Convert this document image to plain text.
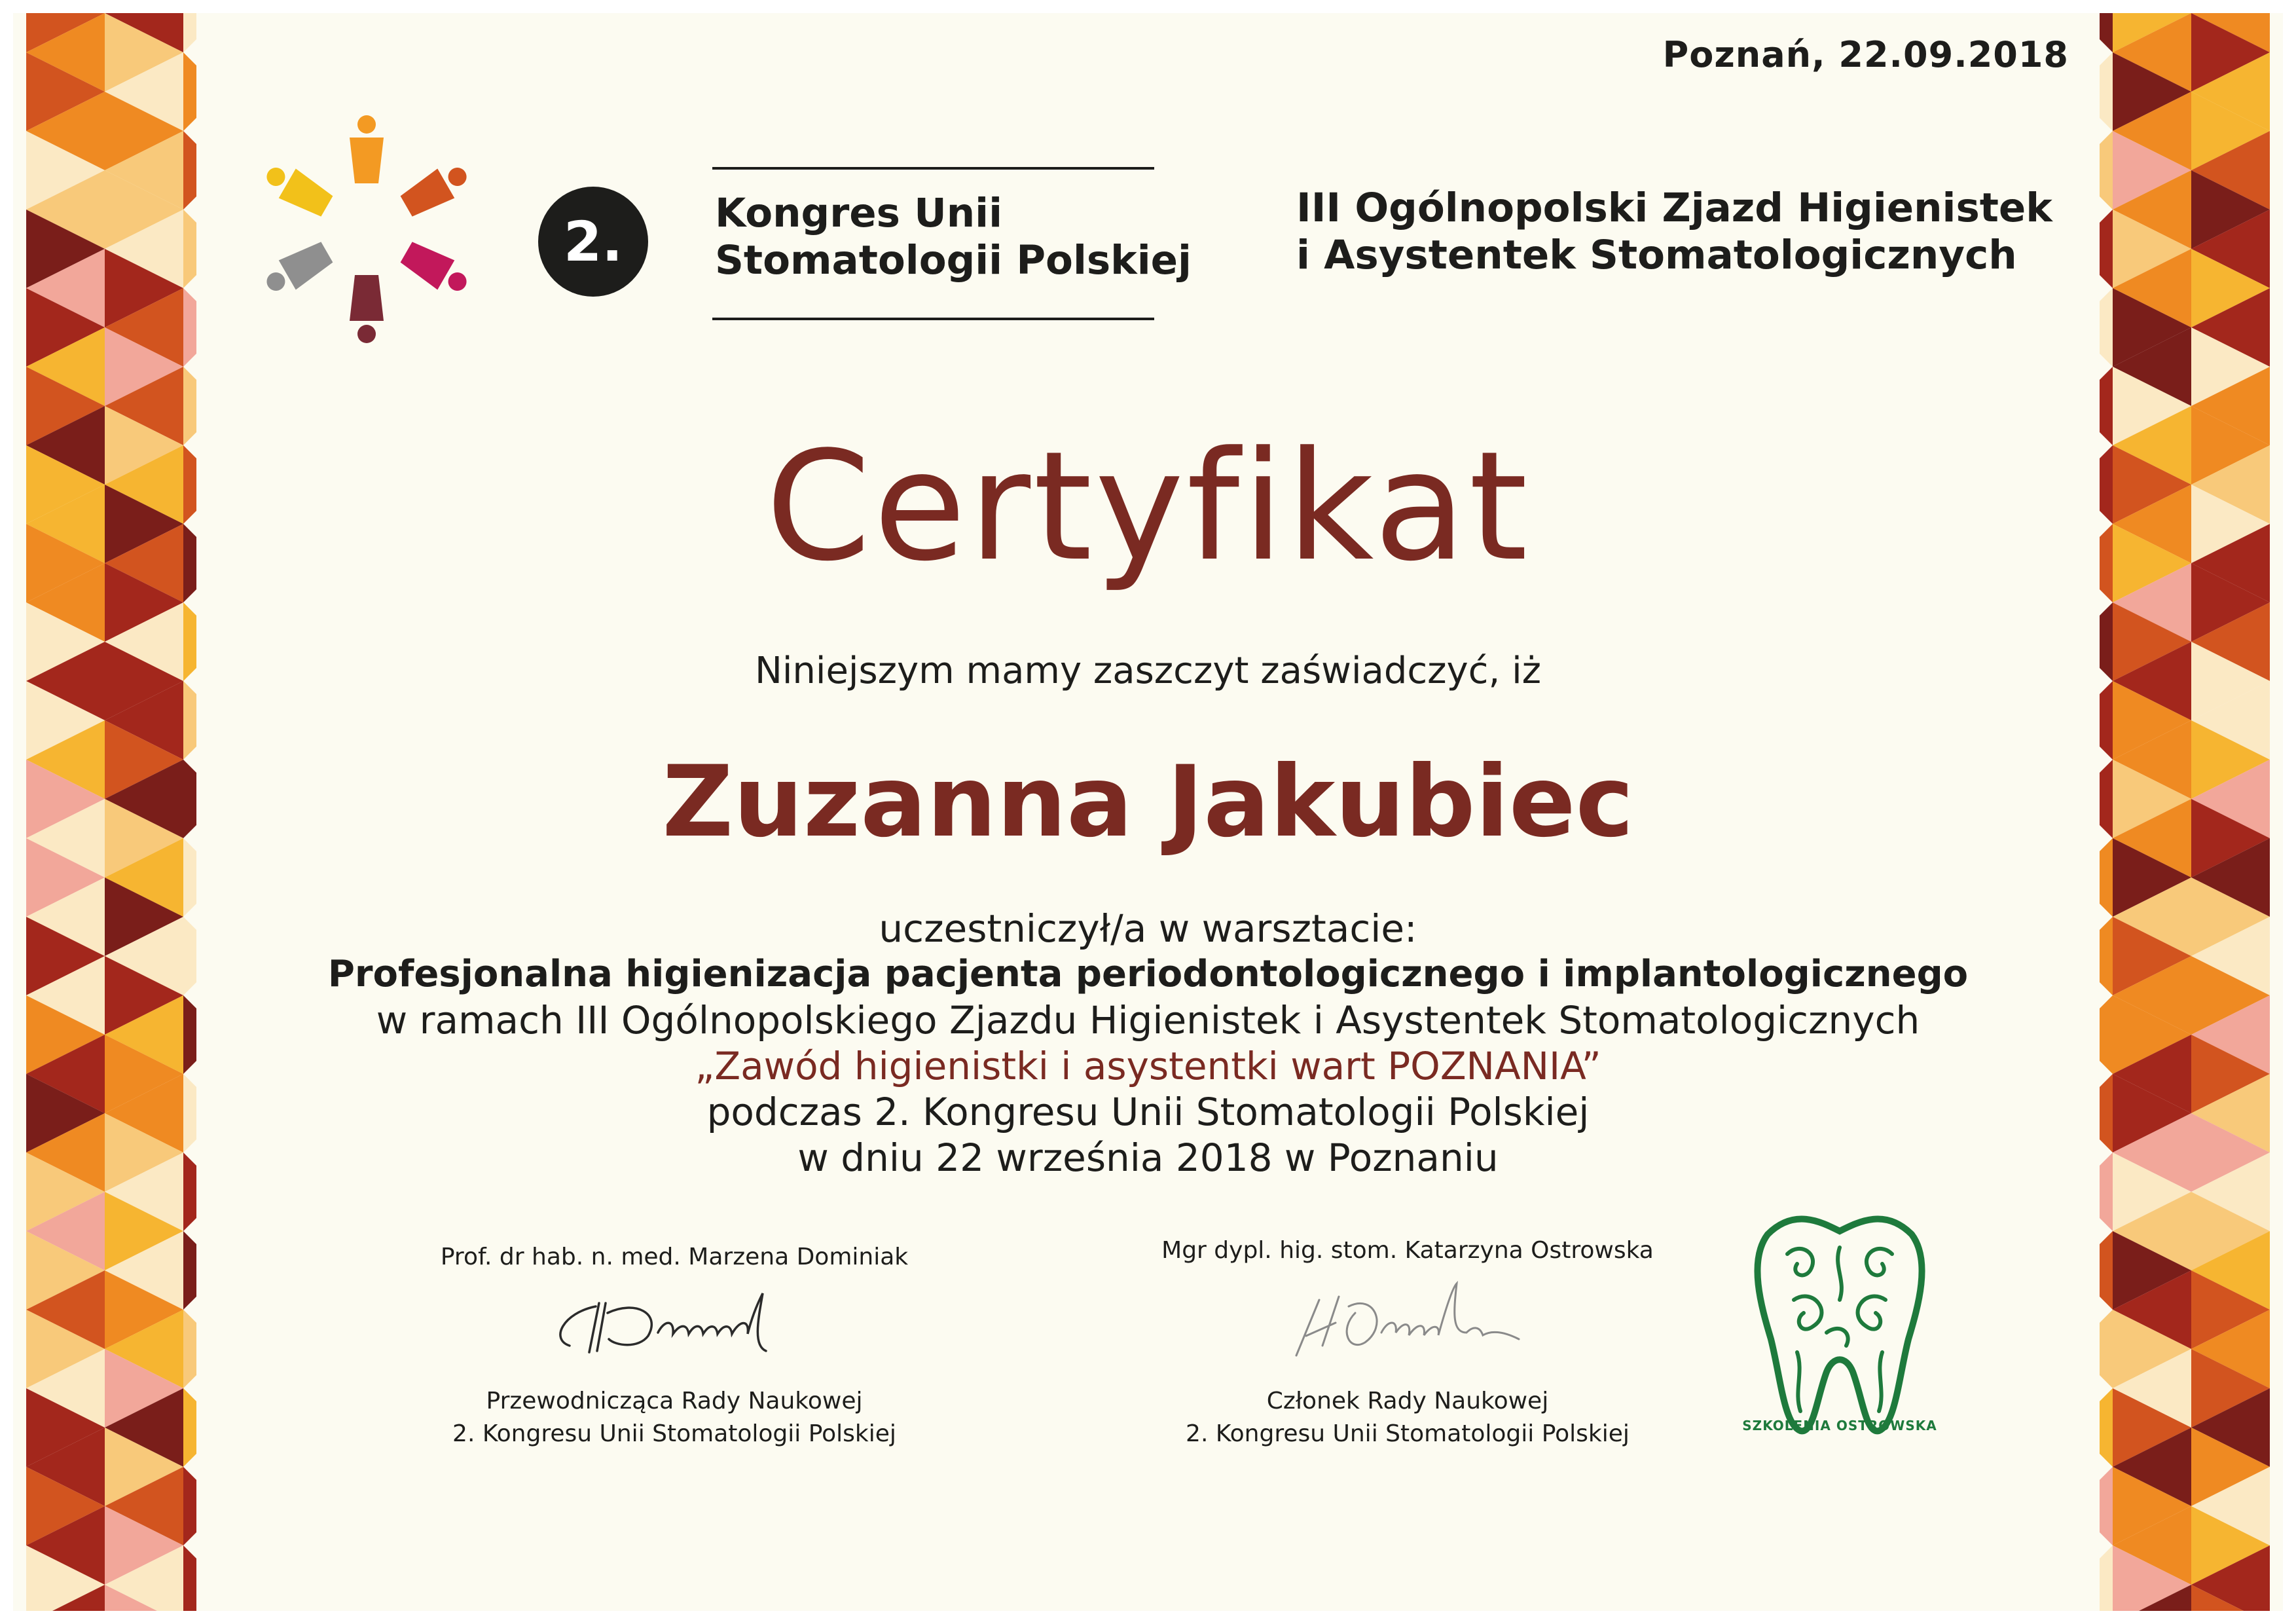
Poznań, 22.09.2018
2.	Kongres Unii
Stomatologii Polskiej
III Ogólnopolski Zjazd Higienistek
i Asystentek Stomatologicznych
Certyfikat
Niniejszym mamy zaszczyt zaświadczyć, iż
Zuzanna Jakubiec
uczestniczył/a w warsztacie:
Profesjonalna higienizacja pacjenta periodontologicznego i implantologicznego
w ramach III Ogólnopolskiego Zjazdu Higienistek i Asystentek Stomatologicznych
„Zawód higienistki i asystentki wart POZNANIA”
podczas 2. Kongresu Unii Stomatologii Polskiej
w dniu 22 września 2018 w Poznaniu
Prof. dr hab. n. med. Marzena Dominiak
Przewodnicząca Rady Naukowej
2. Kongresu Unii Stomatologii Polskiej
Mgr dypl. hig. stom. Katarzyna Ostrowska
Członek Rady Naukowej
2. Kongresu Unii Stomatologii Polskiej	SZKOLENIA OSTROWSKA
